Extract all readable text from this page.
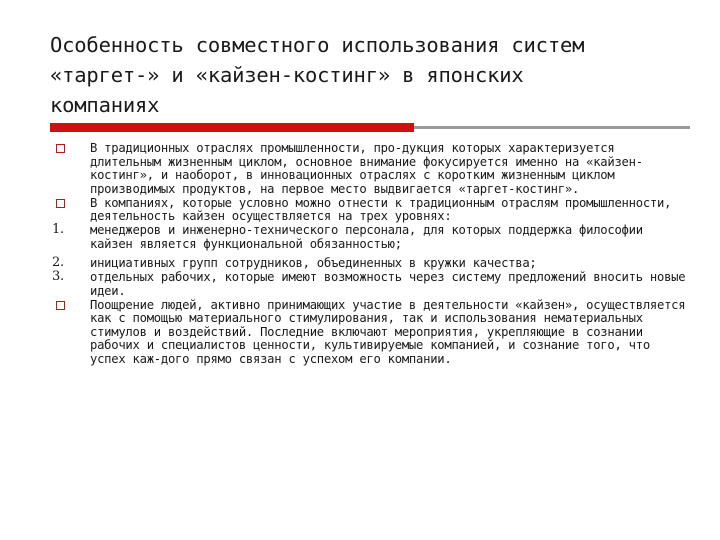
Особенность совместного использования систем
«таргет-» и «кайзен-костинг» в японских
компаниях
В традиционных отраслях промышленности, про-дукция которых характеризуется длительным жизненным циклом, основное внимание фокусируется именно на «кайзен-костинг», и наоборот, в инновационных отраслях с коротким жизненным циклом производимых продуктов, на первое место выдвигается «таргет-костинг».
В компаниях, которые условно можно отнести к традиционным отраслям промышленности, деятельность кайзен осуществляется на трех уровнях:
1. менеджеров и инженерно-технического персонала, для которых поддержка философии кайзен является функциональной обязанностью;
2. инициативных групп сотрудников, объединенных в кружки качества;
3. отдельных рабочих, которые имеют возможность через систему предложений вносить новые идеи.
Поощрение людей, активно принимающих участие в деятельности «кайзен», осуществляется как с помощью материального стимулирования, так и использования нематериальных стимулов и воздействий. Последние включают мероприятия, укрепляющие в сознании рабочих и специалистов ценности, культивируемые компанией, и сознание того, что успех каж-дого прямо связан с успехом его компании.
